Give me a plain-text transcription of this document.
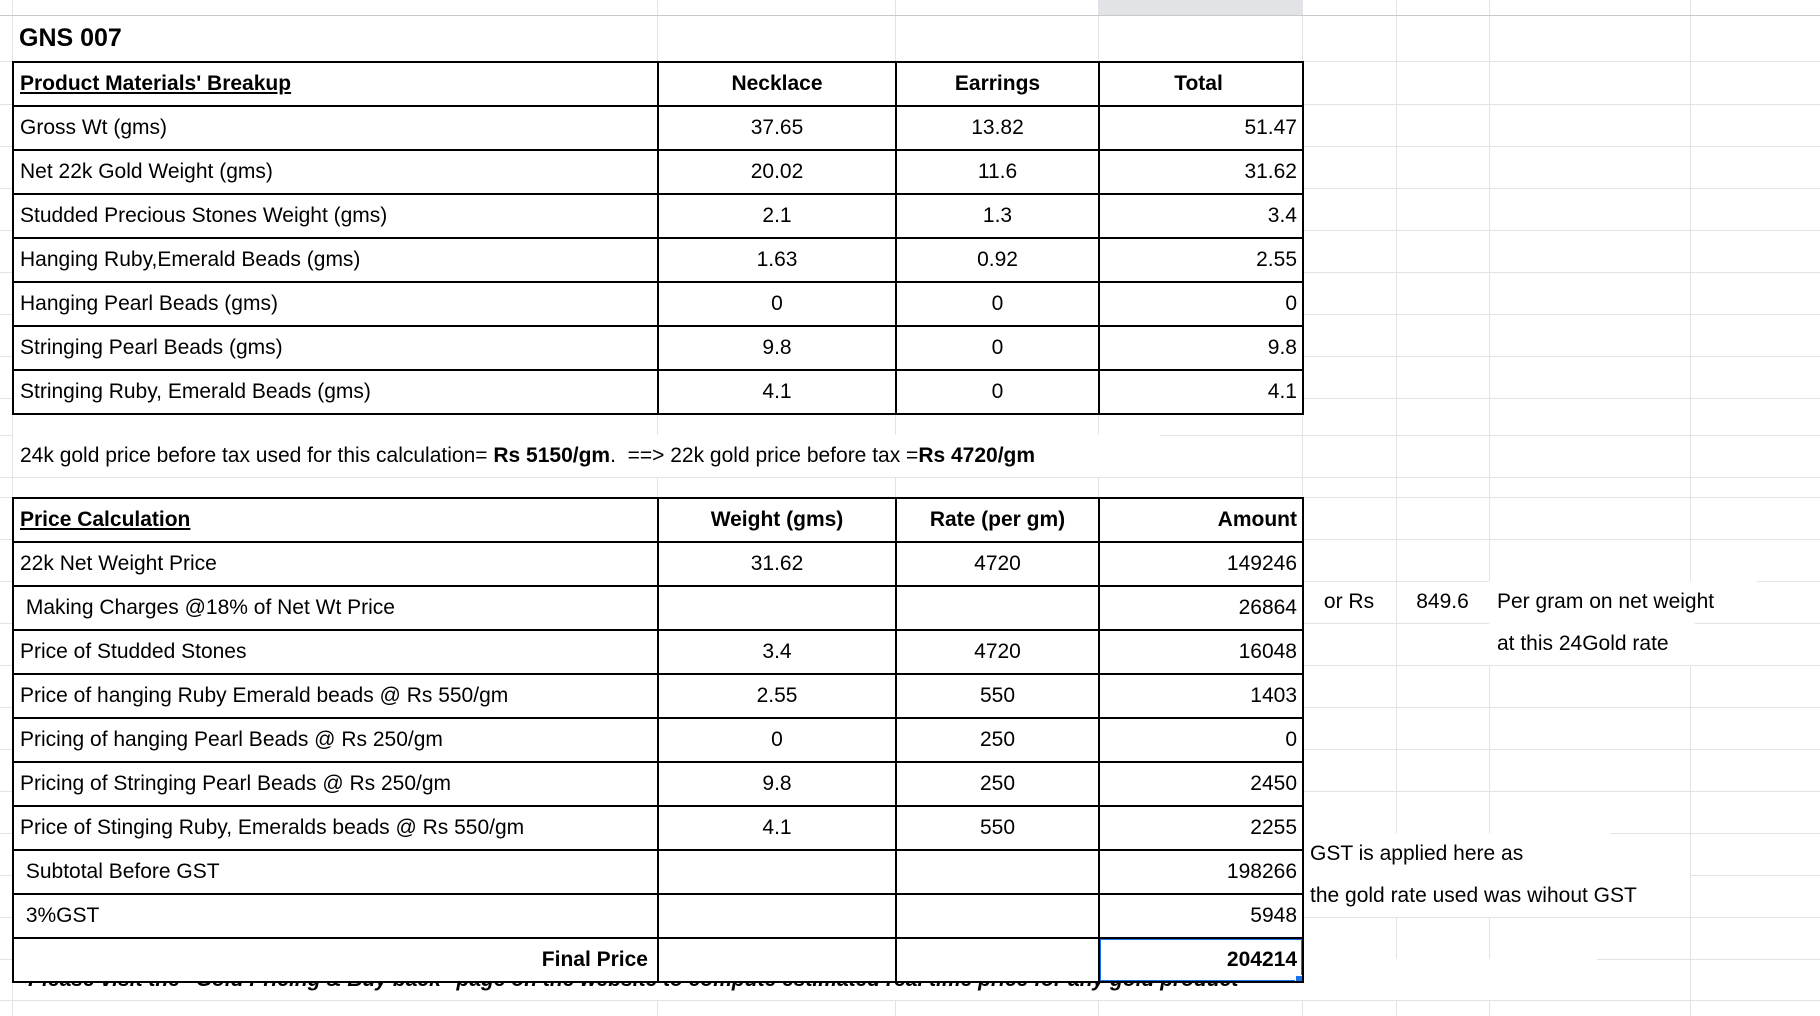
GNS 007
Product Materials' Breakup	Necklace	Earrings	Total
Gross Wt (gms)	37.65	13.82	51.47
Net 22k Gold Weight (gms)	20.02	11.6	31.62
Studded Precious Stones Weight (gms)	2.1	1.3	3.4
Hanging Ruby,Emerald Beads (gms)	1.63	0.92	2.55
Hanging Pearl Beads (gms)	0	0	0
Stringing Pearl Beads (gms)	9.8	0	9.8
Stringing Ruby, Emerald Beads (gms)	4.1	0	4.1
24k gold price before tax used for this calculation= Rs 5150/gm.  ==> 22k gold price before tax =Rs 4720/gm
Price Calculation	Weight (gms)	Rate (per gm)	Amount
22k Net Weight Price	31.62	4720	149246
Making Charges @18% of Net Wt Price			26864
Price of Studded Stones	3.4	4720	16048
Price of hanging Ruby Emerald beads @ Rs 550/gm	2.55	550	1403
Pricing of hanging Pearl Beads @ Rs 250/gm	0	250	0
Pricing of Stringing Pearl Beads @ Rs 250/gm	9.8	250	2450
Price of Stinging Ruby, Emeralds beads @ Rs 550/gm	4.1	550	2255
Subtotal Before GST			198266
3%GST			5948
Final Price			204214
or Rs	849.6	Per gram on net weight
at this 24Gold rate
GST is applied here as
the gold rate used was wihout GST
